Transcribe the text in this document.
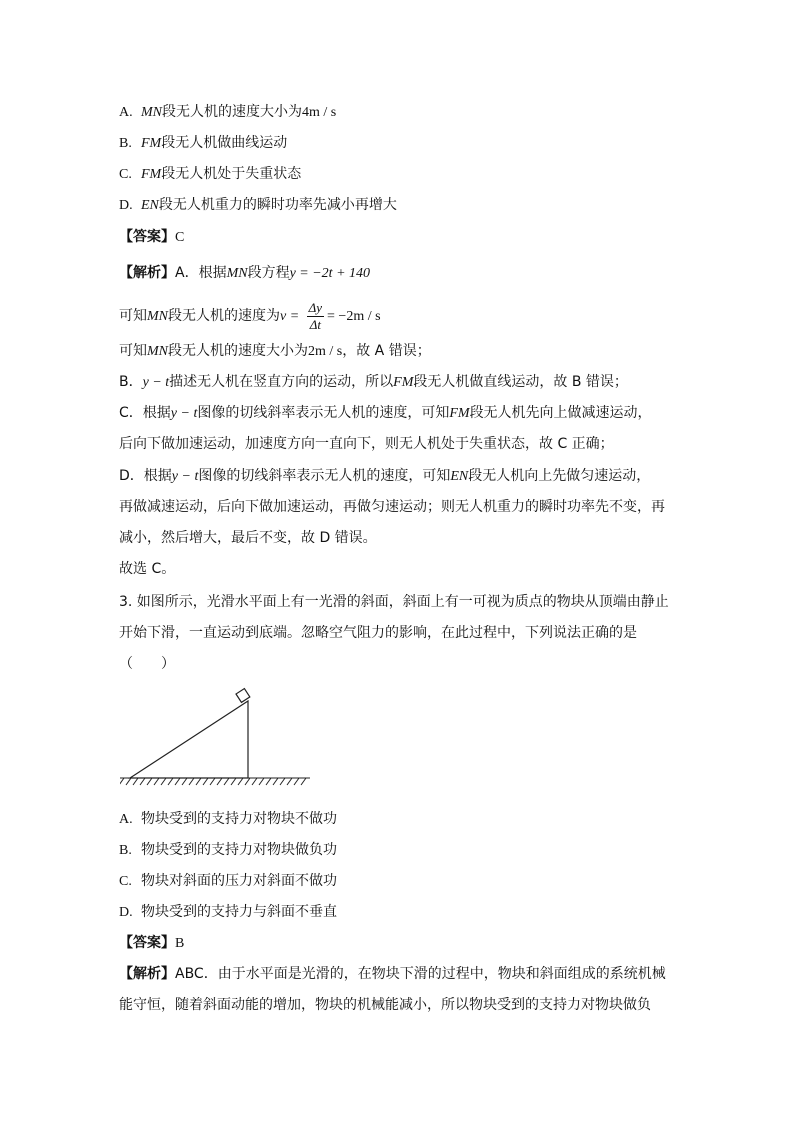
A. MN段无人机的速度大小为4m / s
B. FM段无人机做曲线运动
C. FM段无人机处于失重状态
D. EN段无人机重力的瞬时功率先减小再增大
【答案】C
【解析】A．根据MN段方程y = −2t + 140
可知MN段无人机的速度为$v = \frac{\Delta y}{\Delta t} = -2m / s$
可知MN段无人机的速度大小为2m / s，故 A 错误；
B．y − t描述无人机在竖直方向的运动，所以FM段无人机做直线运动，故 B 错误；
C．根据y − t图像的切线斜率表示无人机的速度，可知FM段无人机先向上做减速运动，
后向下做加速运动，加速度方向一直向下，则无人机处于失重状态，故 C 正确；
D．根据y − t图像的切线斜率表示无人机的速度，可知EN段无人机向上先做匀速运动，
再做减速运动，后向下做加速运动，再做匀速运动；则无人机重力的瞬时功率先不变，再
减小，然后增大，最后不变，故 D 错误。
故选 C。
3. 如图所示，光滑水平面上有一光滑的斜面，斜面上有一可视为质点的物块从顶端由静止
开始下滑，一直运动到底端。忽略空气阻力的影响，在此过程中，下列说法正确的是
（　　）
A. 物块受到的支持力对物块不做功
B. 物块受到的支持力对物块做负功
C. 物块对斜面的压力对斜面不做功
D. 物块受到的支持力与斜面不垂直
【答案】B
【解析】ABC．由于水平面是光滑的，在物块下滑的过程中，物块和斜面组成的系统机械
能守恒，随着斜面动能的增加，物块的机械能减小，所以物块受到的支持力对物块做负
